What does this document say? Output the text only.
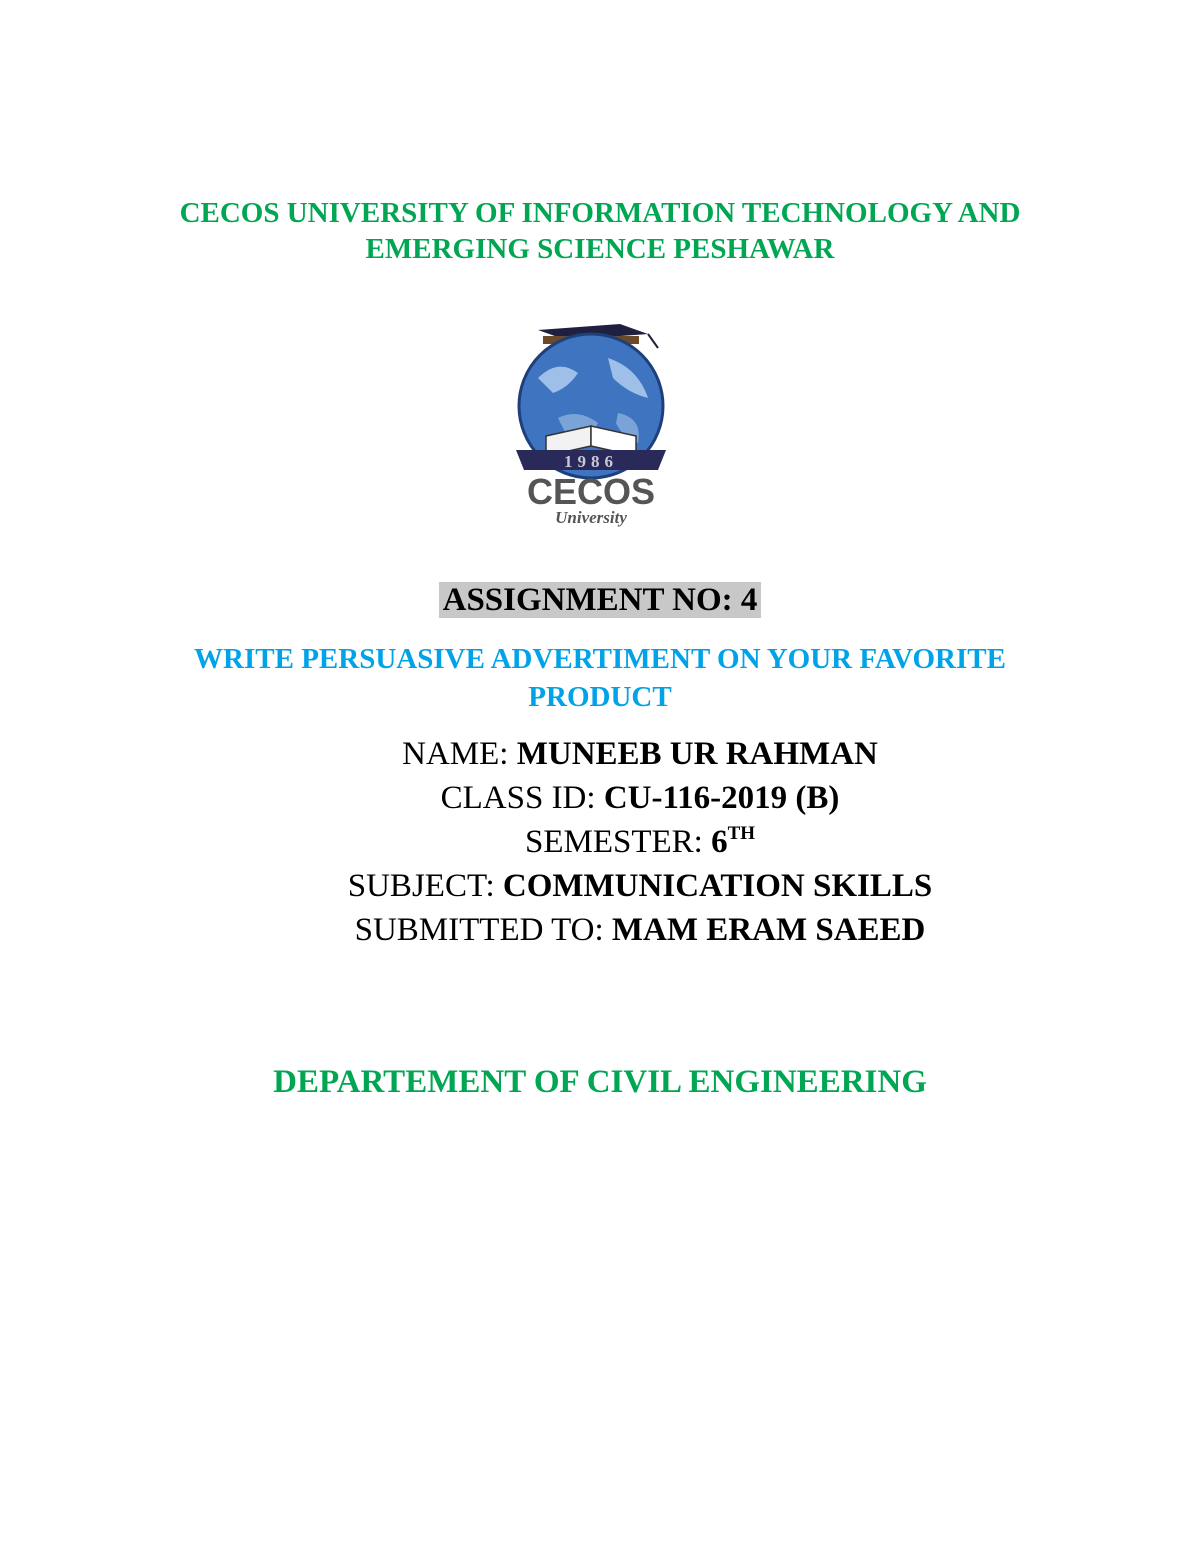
CECOS UNIVERSITY OF INFORMATION TECHNOLOGY AND
EMERGING SCIENCE PESHAWAR
1986
CECOS
University
ASSIGNMENT NO: 4
WRITE PERSUASIVE ADVERTIMENT ON YOUR FAVORITE PRODUCT
NAME: MUNEEB UR RAHMAN
CLASS ID: CU-116-2019 (B)
SEMESTER: 6TH
SUBJECT: COMMUNICATION SKILLS
SUBMITTED TO: MAM ERAM SAEED
DEPARTEMENT OF CIVIL ENGINEERING
